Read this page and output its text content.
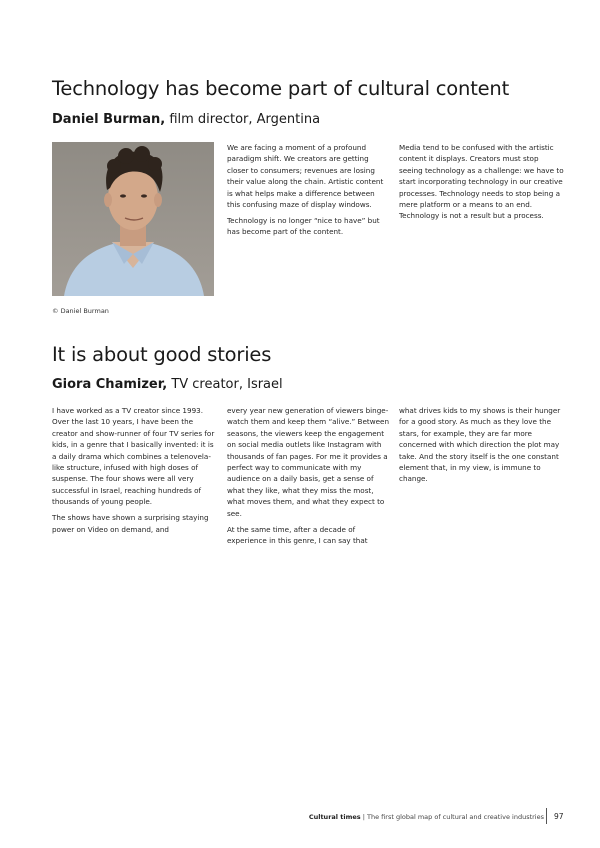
Technology has become part of cultural content
Daniel Burman, film director, Argentina
© Daniel Burman

We are facing a moment of a profound paradigm shift. We creators are getting closer to consumers; revenues are losing their value along the chain. Artistic content is what helps make a difference between this confusing maze of display windows.

Technology is no longer “nice to have” but has become part of the content.

Media tend to be confused with the artistic content it displays. Creators must stop seeing technology as a challenge: we have to start incorporating technology in our creative processes. Technology needs to stop being a mere platform or a means to an end. Technology is not a result but a process.

It is about good stories
Giora Chamizer, TV creator, Israel

I have worked as a TV creator since 1993. Over the last 10 years, I have been the creator and show-runner of four TV series for kids, in a genre that I basically invented: it is a daily drama which combines a telenovela-like structure, infused with high doses of suspense. The four shows were all very successful in Israel, reaching hundreds of thousands of young people.

The shows have shown a surprising staying power on Video on demand, and

every year new generation of viewers binge-watch them and keep them “alive.” Between seasons, the viewers keep the engagement on social media outlets like Instagram with thousands of fan pages. For me it provides a perfect way to communicate with my audience on a daily basis, get a sense of what they like, what they miss the most, what moves them, and what they expect to see.

At the same time, after a decade of experience in this genre, I can say that

what drives kids to my shows is their hunger for a good story. As much as they love the stars, for example, they are far more concerned with which direction the plot may take. And the story itself is the one constant element that, in my view, is immune to change.

Cultural times | The first global map of cultural and creative industries 97
